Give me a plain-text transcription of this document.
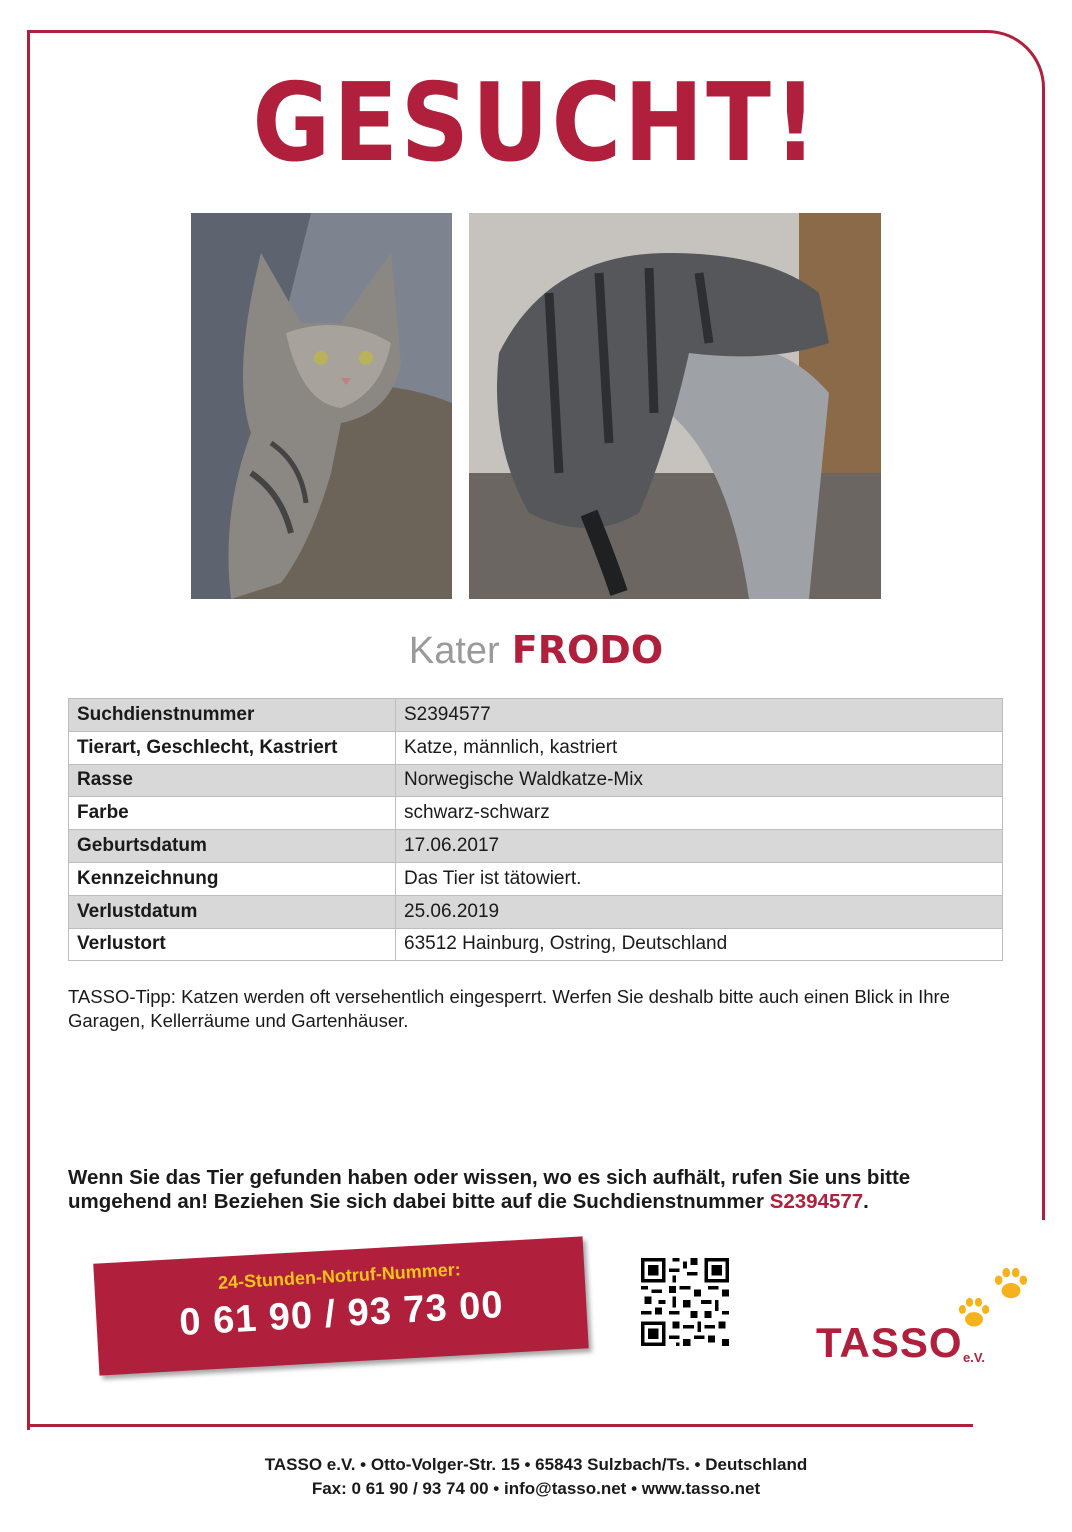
GESUCHT!
Kater FRODO
Suchdienstnummer	S2394577
Tierart, Geschlecht, Kastriert	Katze, männlich, kastriert
Rasse	Norwegische Waldkatze-Mix
Farbe	schwarz-schwarz
Geburtsdatum	17.06.2017
Kennzeichnung	Das Tier ist tätowiert.
Verlustdatum	25.06.2019
Verlustort	63512 Hainburg, Ostring, Deutschland
TASSO-Tipp: Katzen werden oft versehentlich eingesperrt. Werfen Sie deshalb bitte auch einen Blick in Ihre Garagen, Kellerräume und Gartenhäuser.
Wenn Sie das Tier gefunden haben oder wissen, wo es sich aufhält, rufen Sie uns bitte umgehend an! Beziehen Sie sich dabei bitte auf die Suchdienstnummer S2394577.
24-Stunden-Notruf-Nummer:
0 61 90 / 93 73 00	TASSO e.V.
TASSO e.V. • Otto-Volger-Str. 15 • 65843 Sulzbach/Ts. • Deutschland
Fax: 0 61 90 / 93 74 00 • info@tasso.net • www.tasso.net
